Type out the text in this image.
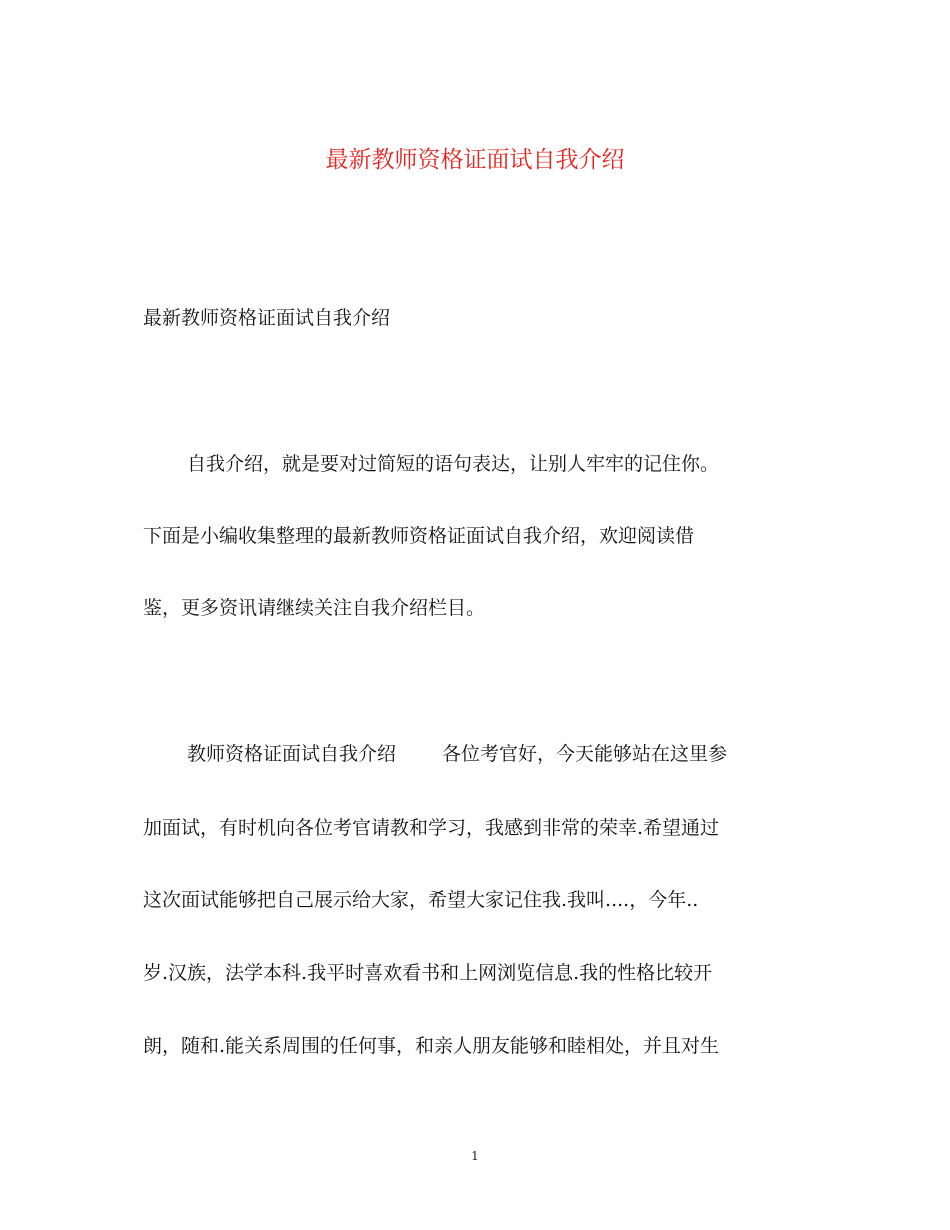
最新教师资格证面试自我介绍
最新教师资格证面试自我介绍
自我介绍，就是要对过简短的语句表达，让别人牢牢的记住你。
下面是小编收集整理的最新教师资格证面试自我介绍，欢迎阅读借
鉴，更多资讯请继续关注自我介绍栏目。
教师资格证面试自我介绍 各位考官好，今天能够站在这里参
加面试，有时机向各位考官请教和学习，我感到非常的荣幸.希望通过
这次面试能够把自己展示给大家，希望大家记住我.我叫....，今年..
岁.汉族，法学本科.我平时喜欢看书和上网浏览信息.我的性格比较开
朗，随和.能关系周围的任何事，和亲人朋友能够和睦相处，并且对生
1
